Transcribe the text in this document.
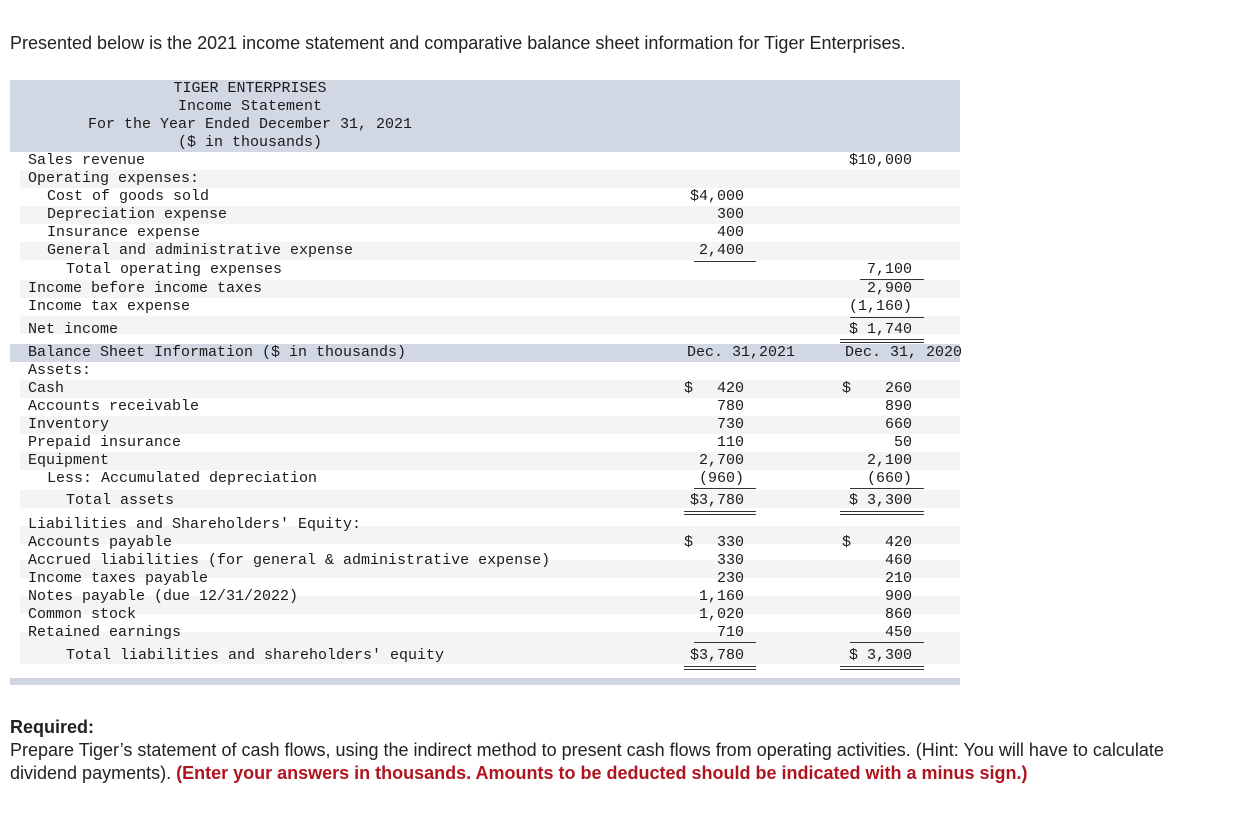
Presented below is the 2021 income statement and comparative balance sheet information for Tiger Enterprises.
TIGER ENTERPRISES
Income Statement
For the Year Ended December 31, 2021
($ in thousands)
Sales revenue	$10,000
Operating expenses:
Cost of goods sold	$4,000
Depreciation expense	300
Insurance expense	400
General and administrative expense	2,400
Total operating expenses	7,100
Income before income taxes	2,900
Income tax expense	(1,160)
Net income	$ 1,740
Balance Sheet Information ($ in thousands)	Dec. 31,2021	Dec. 31, 2020
Assets:
Cash	$ 420	$ 260
Accounts receivable	780	890
Inventory	730	660
Prepaid insurance	110	50
Equipment	2,700	2,100
Less: Accumulated depreciation	(960)	(660)
Total assets	$3,780	$ 3,300
Liabilities and Shareholders' Equity:
Accounts payable	$ 330	$ 420
Accrued liabilities (for general & administrative expense)	330	460
Income taxes payable	230	210
Notes payable (due 12/31/2022)	1,160	900
Common stock	1,020	860
Retained earnings	710	450
Total liabilities and shareholders' equity	$3,780	$ 3,300
Required:
Prepare Tiger’s statement of cash flows, using the indirect method to present cash flows from operating activities. (Hint: You will have to calculate dividend payments). (Enter your answers in thousands. Amounts to be deducted should be indicated with a minus sign.)
